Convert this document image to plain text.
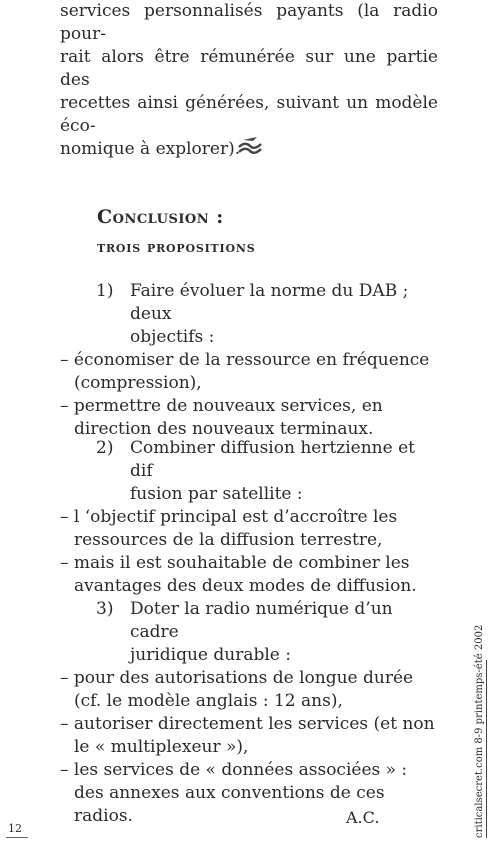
services personnalisés payants (la radio pour-
rait alors être rémunérée sur une partie des
recettes ainsi générées, suivant un modèle éco-
nomique à explorer).

Conclusion :
trois propositions

1) Faire évoluer la norme du DAB ; deux
objectifs :

– économiser de la ressource en fréquence (compression),

– permettre de nouveaux services, en direction des nouveaux terminaux.

2) Combiner diffusion hertzienne et dif
fusion par satellite :

– l ‘objectif principal est d’accroître les ressources de la diffusion terrestre,

– mais il est souhaitable de combiner les avantages des deux modes de diffusion.

3) Doter la radio numérique d’un cadre
juridique durable :

– pour des autorisations de longue durée (cf. le modèle anglais : 12 ans),

– autoriser directement les services (et non le « multiplexeur »),

– les services de « données associées » : des annexes aux conventions de ces radios.	A.C.

12	criticalsecret.com 8-9 printemps-été 2002
